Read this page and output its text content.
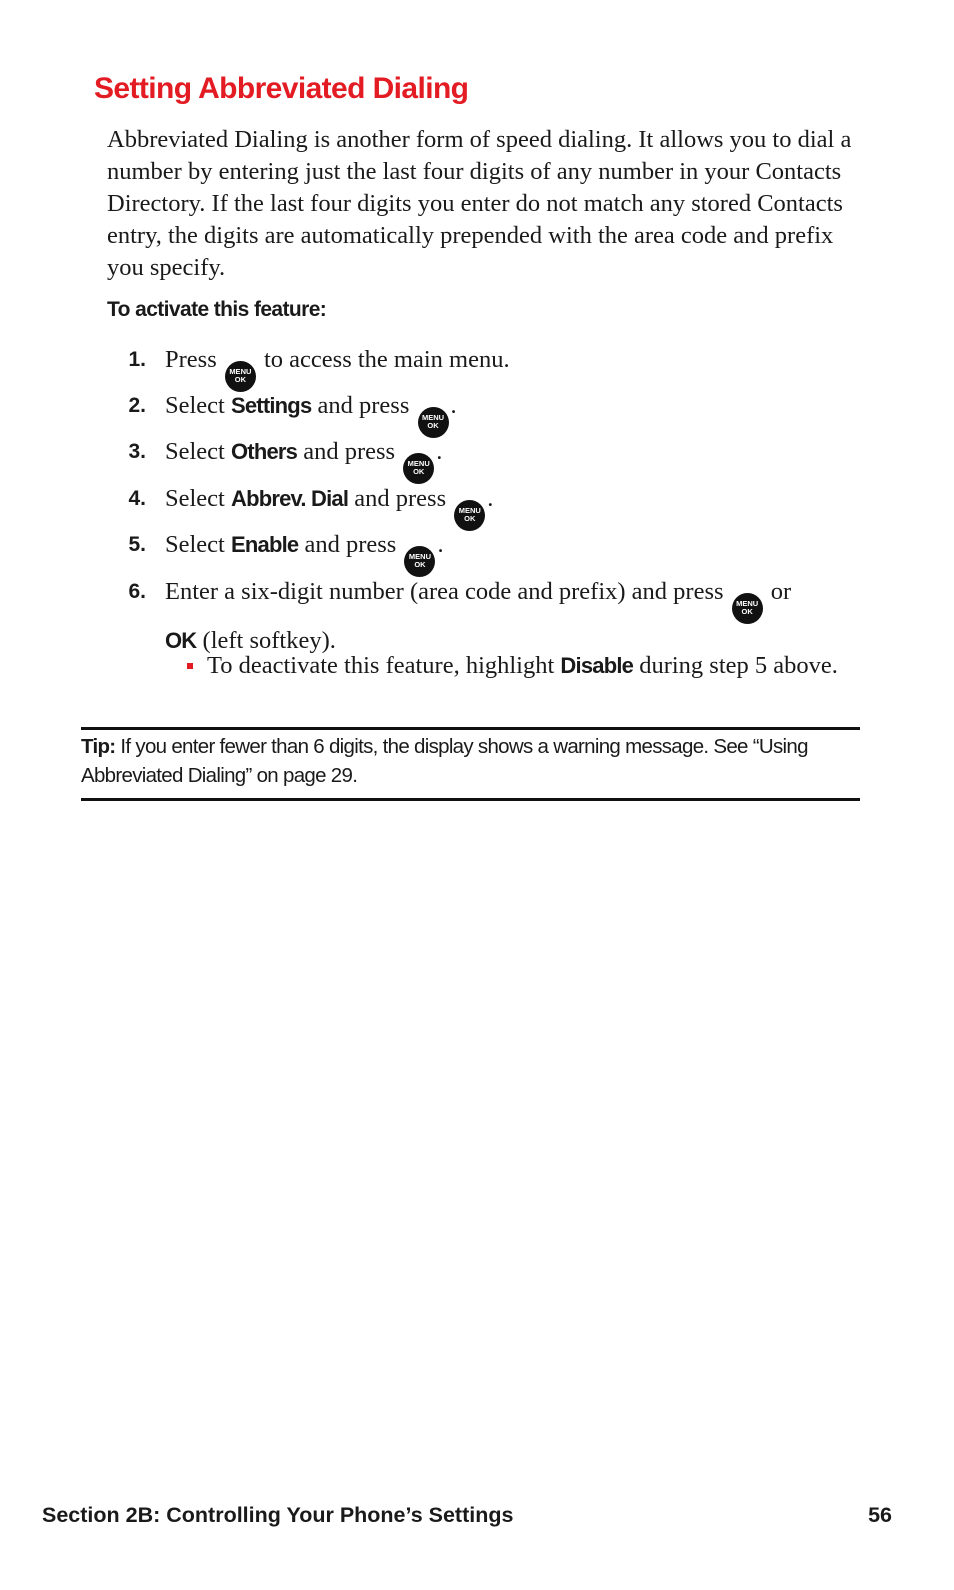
Setting Abbreviated Dialing

Abbreviated Dialing is another form of speed dialing. It allows you to dial a number by entering just the last four digits of any number in your Contacts Directory. If the last four digits you enter do not match any stored Contacts entry, the digits are automatically prepended with the area code and prefix you specify.

To activate this feature:

1. Press MENU
OK
to access the main menu.
2. Select Settings and press MENU
OK
.
3. Select Others and press MENU
OK
.
4. Select Abbrev. Dial and press MENU
OK
.
5. Select Enable and press MENU
OK
.
6. Enter a six-digit number (area code and prefix) and press MENU
OK
or
OK (left softkey).
To deactivate this feature, highlight Disable during step 5 above.

Tip: If you enter fewer than 6 digits, the display shows a warning message. See “Using Abbreviated Dialing” on page 29.

Section 2B: Controlling Your Phone’s Settings	56
